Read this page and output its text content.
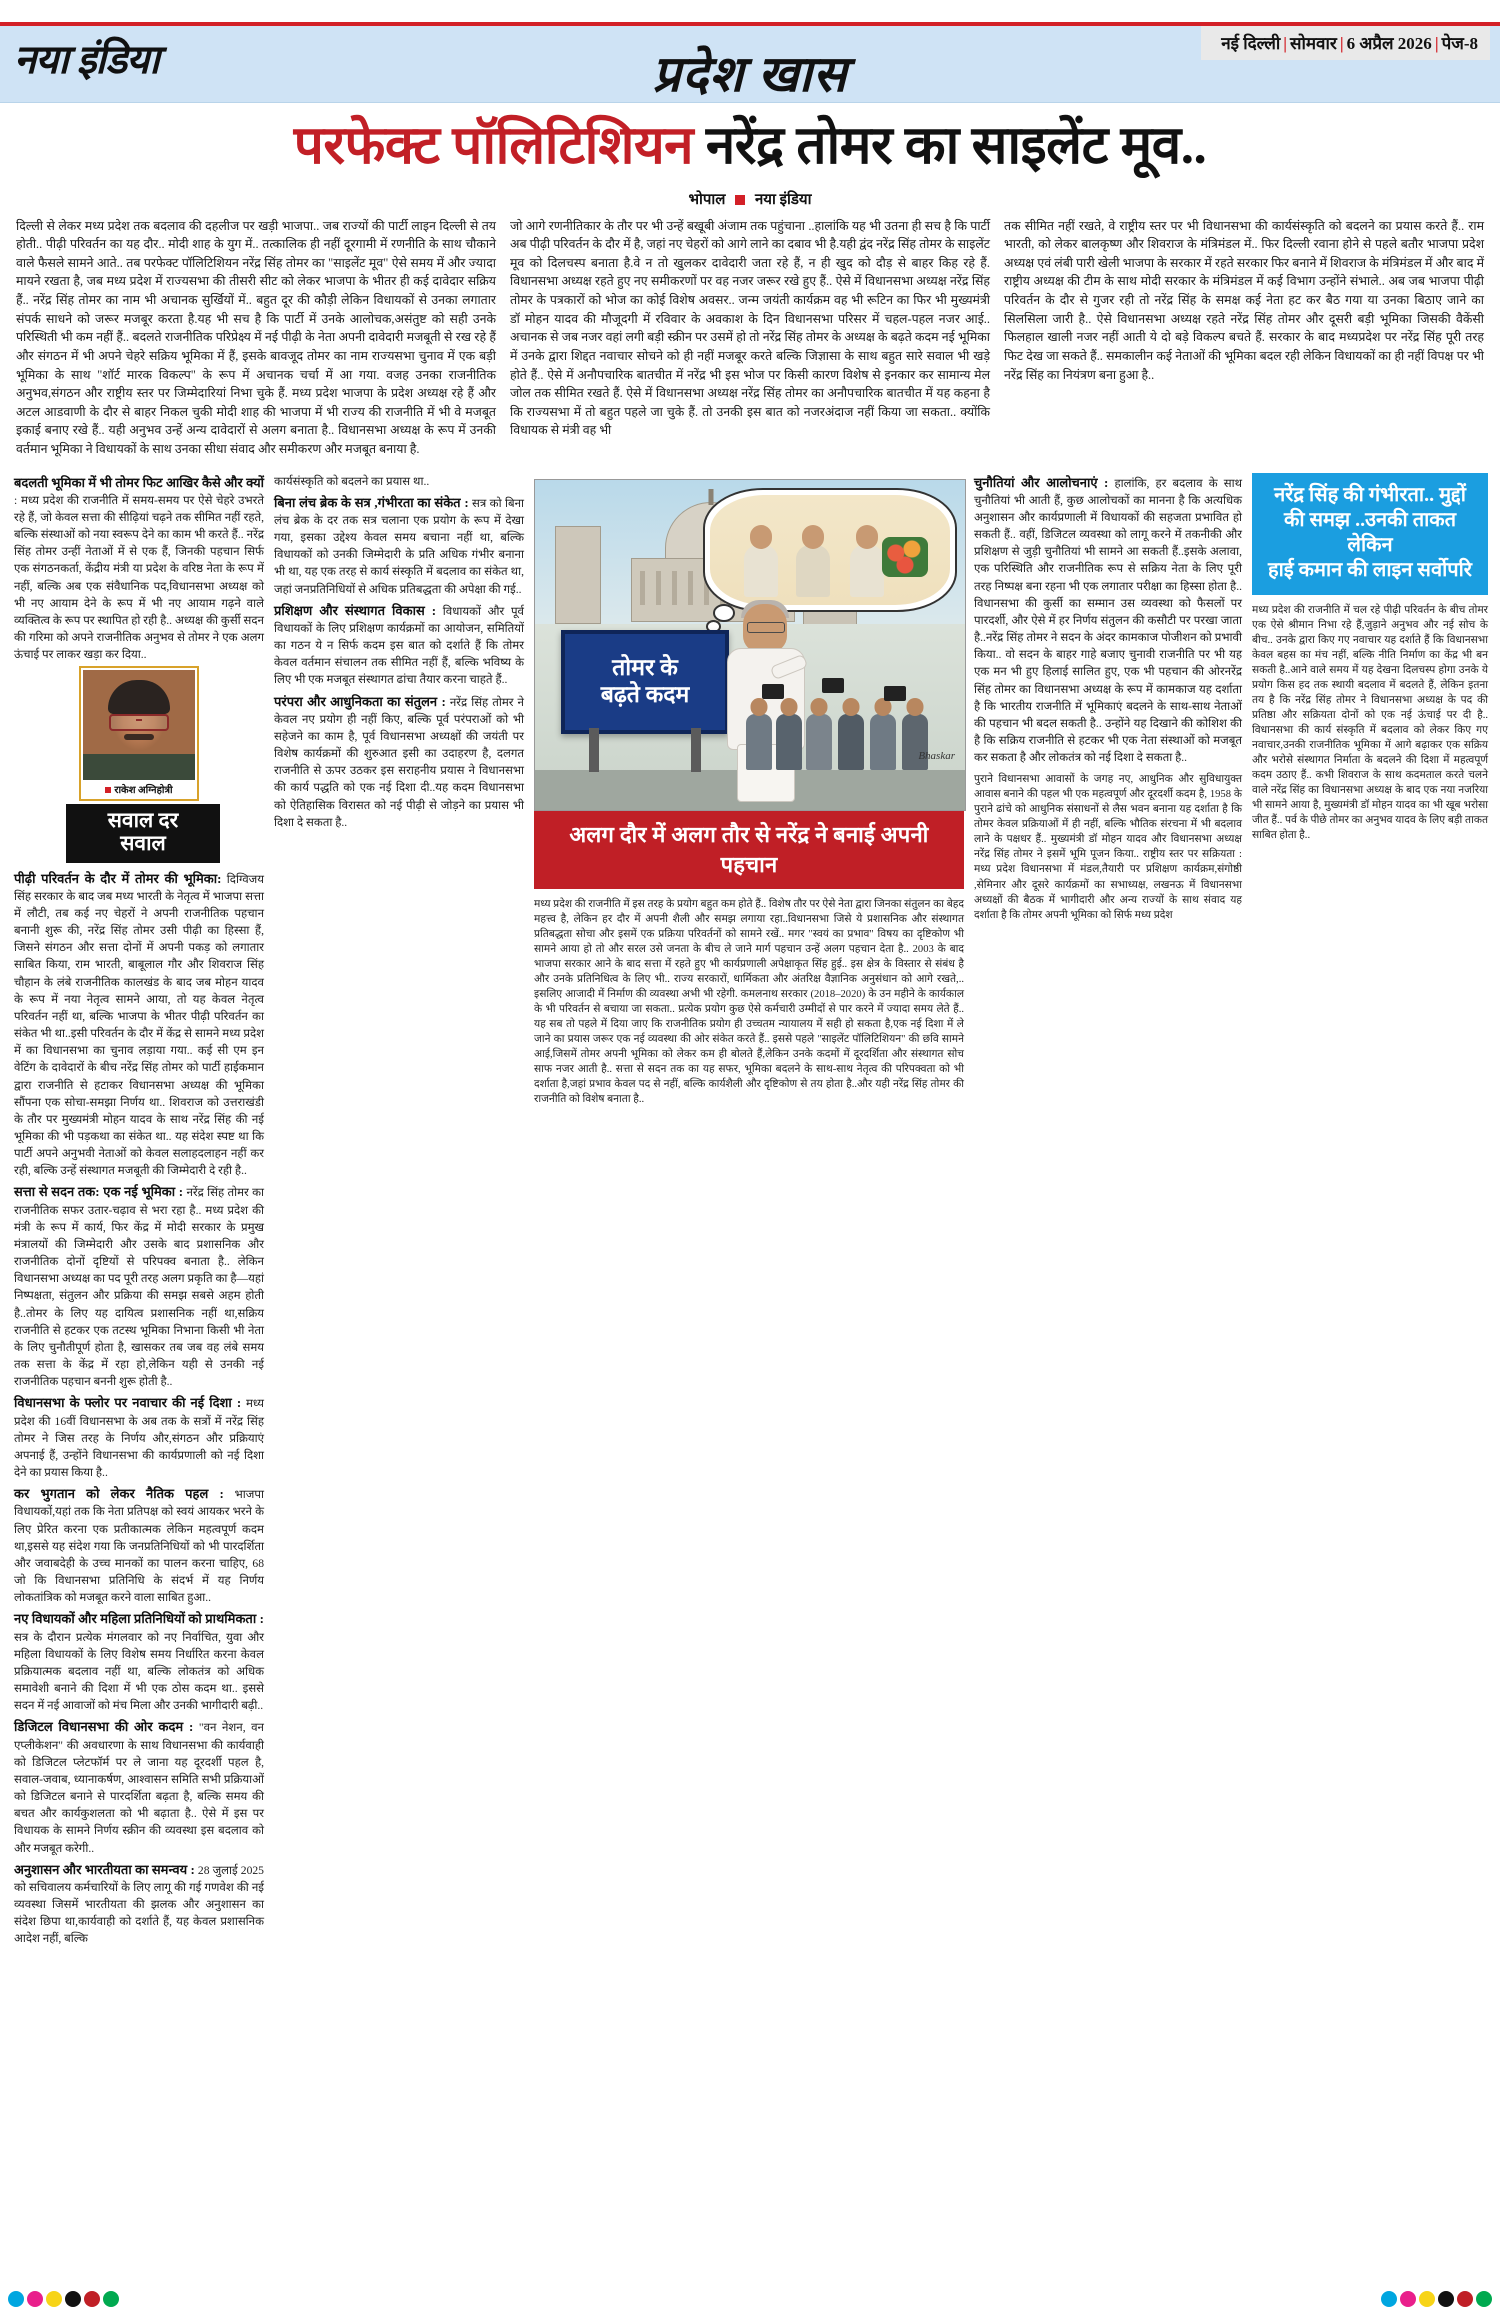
नया इंडिया	प्रदेश खास
नई दिल्ली | सोमवार | 6 अप्रैल 2026 | पेज-8
परफेक्ट पॉलिटिशियन नरेंद्र तोमर का साइलेंट मूव..
भोपाल नया इंडिया

दिल्ली से लेकर मध्य प्रदेश तक बदलाव की दहलीज पर खड़ी भाजपा.. जब राज्यों की पार्टी लाइन दिल्ली से तय होती.. पीढ़ी परिवर्तन का यह दौर.. मोदी शाह के युग में.. तत्कालिक ही नहीं दूरगामी में रणनीति के साथ चौकाने वाले फैसले सामने आते.. तब परफेक्ट पॉलिटिशियन नरेंद्र सिंह तोमर का "साइलेंट मूव" ऐसे समय में और ज्यादा मायने रखता है, जब मध्य प्रदेश में राज्यसभा की तीसरी सीट को लेकर भाजपा के भीतर ही कई दावेदार सक्रिय हैं.. नरेंद्र सिंह तोमर का नाम भी अचानक सुर्खियों में.. बहुत दूर की कौड़ी लेकिन विधायकों से उनका लगातार संपर्क साधने को जरूर मजबूर करता है.यह भी सच है कि पार्टी में उनके आलोचक,असंतुष्ट को सही उनके परिस्थिती भी कम नहीं हैं.. बदलते राजनीतिक परिप्रेक्ष्य में नई पीढ़ी के नेता अपनी दावेदारी मजबूती से रख रहे हैं और संगठन में भी अपने चेहरे सक्रिय भूमिका में हैं, इसके बावजूद तोमर का नाम राज्यसभा चुनाव में एक बड़ी भूमिका के साथ "शॉर्ट मारक विकल्प" के रूप में अचानक चर्चा में आ गया. वजह उनका राजनीतिक अनुभव,संगठन और राष्ट्रीय स्तर पर जिम्मेदारियां निभा चुके हैं. मध्य प्रदेश भाजपा के प्रदेश अध्यक्ष रहे हैं और अटल आडवाणी के दौर से बाहर निकल चुकी मोदी शाह की भाजपा में भी राज्य की राजनीति में भी वे मजबूत इकाई बनाए रखे हैं.. यही अनुभव उन्हें अन्य दावेदारों से अलग बनाता है.. विधानसभा अध्यक्ष के रूप में उनकी वर्तमान भूमिका ने विधायकों के साथ उनका सीधा संवाद और समीकरण और मजबूत बनाया है.

जो आगे रणनीतिकार के तौर पर भी उन्हें बखूबी अंजाम तक पहुंचाना ..हालांकि यह भी उतना ही सच है कि पार्टी अब पीढ़ी परिवर्तन के दौर में है, जहां नए चेहरों को आगे लाने का दबाव भी है.यही द्वंद नरेंद्र सिंह तोमर के साइलेंट मूव को दिलचस्प बनाता है.वे न तो खुलकर दावेदारी जता रहे हैं, न ही खुद को दौड़ से बाहर किह रहे हैं. विधानसभा अध्यक्ष रहते हुए नए समीकरणों पर वह नजर जरूर रखे हुए हैं.. ऐसे में विधानसभा अध्यक्ष नरेंद्र सिंह तोमर के पत्रकारों को भोज का कोई विशेष अवसर.. जन्म जयंती कार्यक्रम वह भी रूटिन का फिर भी मुख्यमंत्री डॉ मोहन यादव की मौजूदगी में रविवार के अवकाश के दिन विधानसभा परिसर में चहल-पहल नजर आई.. अचानक से जब नजर वहां लगी बड़ी स्क्रीन पर उसमें हो तो नरेंद्र सिंह तोमर के अध्यक्ष के बढ़ते कदम नई भूमिका में उनके द्वारा शिद्दत नवाचार सोचने को ही नहीं मजबूर करते बल्कि जिज्ञासा के साथ बहुत सारे सवाल भी खड़े होते हैं.. ऐसे में अनौपचारिक बातचीत में नरेंद्र भी इस भोज पर किसी कारण विशेष से इनकार कर सामान्य मेल जोल तक सीमित रखते हैं. ऐसे में विधानसभा अध्यक्ष नरेंद्र सिंह तोमर का अनौपचारिक बातचीत में यह कहना है कि राज्यसभा में तो बहुत पहले जा चुके हैं. तो उनकी इस बात को नजरअंदाज नहीं किया जा सकता.. क्योंकि विधायक से मंत्री वह भी

तक सीमित नहीं रखते, वे राष्ट्रीय स्तर पर भी विधानसभा की कार्यसंस्कृति को बदलने का प्रयास करते हैं.. राम भारती, को लेकर बालकृष्ण और शिवराज के मंत्रिमंडल में.. फिर दिल्ली रवाना होने से पहले बतौर भाजपा प्रदेश अध्यक्ष एवं लंबी पारी खेली भाजपा के सरकार में रहते सरकार फिर बनाने में शिवराज के मंत्रिमंडल में और बाद में राष्ट्रीय अध्यक्ष की टीम के साथ मोदी सरकार के मंत्रिमंडल में कई विभाग उन्होंने संभाले.. अब जब भाजपा पीढ़ी परिवर्तन के दौर से गुजर रही तो नरेंद्र सिंह के समक्ष कई नेता हट कर बैठ गया या उनका बिठाए जाने का सिलसिला जारी है.. ऐसे विधानसभा अध्यक्ष रहते नरेंद्र सिंह तोमर और दूसरी बड़ी भूमिका जिसकी वैकेंसी फिलहाल खाली नजर नहीं आती ये दो बड़े विकल्प बचते हैं. सरकार के बाद मध्यप्रदेश पर नरेंद्र सिंह पूरी तरह फिट देख जा सकते हैं.. समकालीन कई नेताओं की भूमिका बदल रही लेकिन विधायकों का ही नहीं विपक्ष पर भी नरेंद्र सिंह का नियंत्रण बना हुआ है..

बदलती भूमिका में भी तोमर फिट आखिर कैसे और क्यों : मध्य प्रदेश की राजनीति में समय-समय पर ऐसे चेहरे उभरते रहे हैं, जो केवल सत्ता की सीढ़ियां चढ़ने तक सीमित नहीं रहते, बल्कि संस्थाओं को नया स्वरूप देने का काम भी करते हैं.. नरेंद्र सिंह तोमर उन्हीं नेताओं में से एक हैं, जिनकी पहचान सिर्फ एक संगठनकर्ता, केंद्रीय मंत्री या प्रदेश के वरिष्ठ नेता के रूप में नहीं, बल्कि अब एक संवैधानिक पद,विधानसभा अध्यक्ष को भी नए आयाम देने के रूप में भी नए आयाम गढ़ने वाले व्यक्तित्व के रूप पर स्थापित हो रही है.. अध्यक्ष की कुर्सी सदन की गरिमा को अपने राजनीतिक अनुभव से तोमर ने एक अलग ऊंचाई पर लाकर खड़ा कर दिया..

राकेश अग्निहोत्री
सवाल दर
सवाल

पीढ़ी परिवर्तन के दौर में तोमर की भूमिका: दिग्विजय सिंह सरकार के बाद जब मध्य भारती के नेतृत्व में भाजपा सत्ता में लौटी, तब कई नए चेहरों ने अपनी राजनीतिक पहचान बनानी शुरू की, नरेंद्र सिंह तोमर उसी पीढ़ी का हिस्सा हैं, जिसने संगठन और सत्ता दोनों में अपनी पकड़ को लगातार साबित किया, राम भारती, बाबूलाल गौर और शिवराज सिंह चौहान के लंबे राजनीतिक कालखंड के बाद जब मोहन यादव के रूप में नया नेतृत्व सामने आया, तो यह केवल नेतृत्व परिवर्तन नहीं था, बल्कि भाजपा के भीतर पीढ़ी परिवर्तन का संकेत भी था..इसी परिवर्तन के दौर में केंद्र से सामने मध्य प्रदेश में का विधानसभा का चुनाव लड़ाया गया.. कई सी एम इन वेटिंग के दावेदारों के बीच नरेंद्र सिंह तोमर को पार्टी हाईकमान द्वारा राजनीति से हटाकर विधानसभा अध्यक्ष की भूमिका सौंपना एक सोचा-समझा निर्णय था.. शिवराज को उत्तराखंडी के तौर पर मुख्यमंत्री मोहन यादव के साथ नरेंद्र सिंह की नई भूमिका की भी पड़कथा का संकेत था.. यह संदेश स्पष्ट था कि पार्टी अपने अनुभवी नेताओं को केवल सलाहदलाहन नहीं कर रही, बल्कि उन्हें संस्थागत मजबूती की जिम्मेदारी दे रही है..

सत्ता से सदन तक: एक नई भूमिका : नरेंद्र सिंह तोमर का राजनीतिक सफर उतार-चढ़ाव से भरा रहा है.. मध्य प्रदेश की मंत्री के रूप में कार्य, फिर केंद्र में मोदी सरकार के प्रमुख मंत्रालयों की जिम्मेदारी और उसके बाद प्रशासनिक और राजनीतिक दोनों दृष्टियों से परिपक्व बनाता है.. लेकिन विधानसभा अध्यक्ष का पद पूरी तरह अलग प्रकृति का है—यहां निष्पक्षता, संतुलन और प्रक्रिया की समझ सबसे अहम होती है..तोमर के लिए यह दायित्व प्रशासनिक नहीं था,सक्रिय राजनीति से हटकर एक तटस्थ भूमिका निभाना किसी भी नेता के लिए चुनौतीपूर्ण होता है, खासकर तब जब वह लंबे समय तक सत्ता के केंद्र में रहा हो,लेकिन यही से उनकी नई राजनीतिक पहचान बननी शुरू होती है..

विधानसभा के फ्लोर पर नवाचार की नई दिशा : मध्य प्रदेश की 16वीं विधानसभा के अब तक के सत्रों में नरेंद्र सिंह तोमर ने जिस तरह के निर्णय और,संगठन और प्रक्रियाएं अपनाई हैं, उन्होंने विधानसभा की कार्यप्रणाली को नई दिशा देने का प्रयास किया है..

कर भुगतान को लेकर नैतिक पहल : भाजपा विधायकों,यहां तक कि नेता प्रतिपक्ष को स्वयं आयकर भरने के लिए प्रेरित करना एक प्रतीकात्मक लेकिन महत्वपूर्ण कदम था,इससे यह संदेश गया कि जनप्रतिनिधियों को भी पारदर्शिता और जवाबदेही के उच्च मानकों का पालन करना चाहिए, 68 जो कि विधानसभा प्रतिनिधि के संदर्भ में यह निर्णय लोकतांत्रिक को मजबूत करने वाला साबित हुआ..

नए विधायकों और महिला प्रतिनिधियों को प्राथमिकता : सत्र के दौरान प्रत्येक मंगलवार को नए निर्वाचित, युवा और महिला विधायकों के लिए विशेष समय निर्धारित करना केवल प्रक्रियात्मक बदलाव नहीं था, बल्कि लोकतंत्र को अधिक समावेशी बनाने की दिशा में भी एक ठोस कदम था.. इससे सदन में नई आवाजों को मंच मिला और उनकी भागीदारी बढ़ी..

डिजिटल विधानसभा की ओर कदम : "वन नेशन, वन एप्लीकेशन" की अवधारणा के साथ विधानसभा की कार्यवाही को डिजिटल प्लेटफॉर्म पर ले जाना यह दूरदर्शी पहल है, सवाल-जवाब, ध्यानाकर्षण, आश्वासन समिति सभी प्रक्रियाओं को डिजिटल बनाने से पारदर्शिता बढ़ता है, बल्कि समय की बचत और कार्यकुशलता को भी बढ़ाता है.. ऐसे में इस पर विधायक के सामने निर्णय स्क्रीन की व्यवस्था इस बदलाव को और मजबूत करेगी..

अनुशासन और भारतीयता का समन्वय : 28 जुलाई 2025 को सचिवालय कर्मचारियों के लिए लागू की गई गणवेश की नई व्यवस्था जिसमें भारतीयता की झलक और अनुशासन का संदेश छिपा था,कार्यवाही को दर्शाते हैं, यह केवल प्रशासनिक आदेश नहीं, बल्कि

कार्यसंस्कृति को बदलने का प्रयास था..

बिना लंच ब्रेक के सत्र ,गंभीरता का संकेत : सत्र को बिना लंच ब्रेक के दर तक सत्र चलाना एक प्रयोग के रूप में देखा गया, इसका उद्देश्य केवल समय बचाना नहीं था, बल्कि विधायकों को उनकी जिम्मेदारी के प्रति अधिक गंभीर बनाना भी था, यह एक तरह से कार्य संस्कृति में बदलाव का संकेत था, जहां जनप्रतिनिधियों से अधिक प्रतिबद्धता की अपेक्षा की गई..

प्रशिक्षण और संस्थागत विकास : विधायकों और पूर्व विधायकों के लिए प्रशिक्षण कार्यक्रमों का आयोजन, समितियों का गठन ये न सिर्फ कदम इस बात को दर्शाते हैं कि तोमर केवल वर्तमान संचालन तक सीमित नहीं हैं, बल्कि भविष्य के लिए भी एक मजबूत संस्थागत ढांचा तैयार करना चाहते हैं..

परंपरा और आधुनिकता का संतुलन : नरेंद्र सिंह तोमर ने केवल नए प्रयोग ही नहीं किए, बल्कि पूर्व परंपराओं को भी सहेजने का काम है, पूर्व विधानसभा अध्यक्षों की जयंती पर विशेष कार्यक्रमों की शुरुआत इसी का उदाहरण है, दलगत राजनीति से ऊपर उठकर इस सराहनीय प्रयास ने विधानसभा की कार्य पद्धति को एक नई दिशा दी..यह कदम विधानसभा को ऐतिहासिक विरासत को नई पीढ़ी से जोड़ने का प्रयास भी दिशा दे सकता है..

तोमर के
बढ़ते कदम
Bhaskar
अलग दौर में अलग तौर से नरेंद्र ने बनाई अपनी पहचान

मध्य प्रदेश की राजनीति में इस तरह के प्रयोग बहुत कम होते हैं.. विशेष तौर पर ऐसे नेता द्वारा जिनका संतुलन का बेहद महत्त्व है, लेकिन हर दौर में अपनी शैली और समझ लगाया रहा..विधानसभा जिसे ये प्रशासनिक और संस्थागत प्रतिबद्धता सोचा और इसमें एक प्रक्रिया परिवर्तनों को सामने रखें.. मगर "स्वयं का प्रभाव" विषय का दृष्टिकोण भी सामने आया हो तो और सरल उसे जनता के बीच ले जाने मार्ग पहचान उन्हें अलग पहचान देता है.. 2003 के बाद भाजपा सरकार आने के बाद सत्ता में रहते हुए भी कार्यप्रणाली अपेक्षाकृत सिंह हुई.. इस क्षेत्र के विस्तार से संबंध है और उनके प्रतिनिधित्व के लिए भी.. राज्य सरकारों, धार्मिकता और अंतरिक्ष वैज्ञानिक अनुसंधान को आगे रखते,.. इसलिए आजादी में निर्माण की व्यवस्था अभी भी रहेगी. कमलनाथ सरकार (2018–2020) के उन महीने के कार्यकाल के भी परिवर्तन से बचाया जा सकता.. प्रत्येक प्रयोग कुछ ऐसे कर्मचारी उम्मीदों से पार करने में ज्यादा समय लेते हैं.. यह सब तो पहले में दिया जाए कि राजनीतिक प्रयोग ही उच्चतम न्यायालय में सही हो सकता है,एक नई दिशा में ले जाने का प्रयास जरूर एक नई व्यवस्था की ओर संकेत करते हैं.. इससे पहले "साइलेंट पॉलिटिशियन" की छवि सामने आई,जिसमें तोमर अपनी भूमिका को लेकर कम ही बोलते हैं,लेकिन उनके कदमों में दूरदर्शिता और संस्थागत सोच साफ नजर आती है.. सत्ता से सदन तक का यह सफर, भूमिका बदलने के साथ-साथ नेतृत्व की परिपक्वता को भी दर्शाता है,जहां प्रभाव केवल पद से नहीं, बल्कि कार्यशैली और दृष्टिकोण से तय होता है..और यही नरेंद्र सिंह तोमर की राजनीति को विशेष बनाता है..

चुनौतियां और आलोचनाएं : हालांकि, हर बदलाव के साथ चुनौतियां भी आती हैं, कुछ आलोचकों का मानना है कि अत्यधिक अनुशासन और कार्यप्रणाली में विधायकों की सहजता प्रभावित हो सकती हैं.. वहीं, डिजिटल व्यवस्था को लागू करने में तकनीकी और प्रशिक्षण से जुड़ी चुनौतियां भी सामने आ सकती हैं..इसके अलावा, एक परिस्थिति और राजनीतिक रूप से सक्रिय नेता के लिए पूरी तरह निष्पक्ष बना रहना भी एक लगातार परीक्षा का हिस्सा होता है.. विधानसभा की कुर्सी का सम्मान उस व्यवस्था को फैसलों पर पारदर्शी, और ऐसे में हर निर्णय संतुलन की कसौटी पर परखा जाता है..नरेंद्र सिंह तोमर ने सदन के अंदर कामकाज पोजीशन को प्रभावी किया.. वो सदन के बाहर गाहे बजाए चुनावी राजनीति पर भी यह एक मन भी हुए हिलाई सालित हुए, एक भी पहचान की ओरनरेंद्र सिंह तोमर का विधानसभा अध्यक्ष के रूप में कामकाज यह दर्शाता है कि भारतीय राजनीति में भूमिकाएं बदलने के साथ-साथ नेताओं की पहचान भी बदल सकती है.. उन्होंने यह दिखाने की कोशिश की है कि सक्रिय राजनीति से हटकर भी एक नेता संस्थाओं को मजबूत कर सकता है और लोकतंत्र को नई दिशा दे सकता है..

पुराने विधानसभा आवासों के जगह नए, आधुनिक और सुविधायुक्त आवास बनाने की पहल भी एक महत्वपूर्ण और दूरदर्शी कदम है, 1958 के पुराने ढांचे को आधुनिक संसाधनों से लैस भवन बनाना यह दर्शाता है कि तोमर केवल प्रक्रियाओं में ही नहीं, बल्कि भौतिक संरचना में भी बदलाव लाने के पक्षधर हैं.. मुख्यमंत्री डॉ मोहन यादव और विधानसभा अध्यक्ष नरेंद्र सिंह तोमर ने इसमें भूमि पूजन किया.. राष्ट्रीय स्तर पर सक्रियता : मध्य प्रदेश विधानसभा में मंडल,तैयारी पर प्रशिक्षण कार्यक्रम,संगोष्ठी ,सेमिनार और दूसरे कार्यक्रमों का सभाध्यक्ष, लखनऊ में विधानसभा अध्यक्षों की बैठक में भागीदारी और अन्य राज्यों के साथ संवाद यह दर्शाता है कि तोमर अपनी भूमिका को सिर्फ मध्य प्रदेश

नरेंद्र सिंह की गंभीरता.. मुद्दों
की समझ ..उनकी ताकत लेकिन
हाई कमान की लाइन सर्वोपरि

मध्य प्रदेश की राजनीति में चल रहे पीढ़ी परिवर्तन के बीच तोमर एक ऐसे श्रीमान निभा रहे हैं,जुड़ाने अनुभव और नई सोच के बीच.. उनके द्वारा किए गए नवाचार यह दर्शाते हैं कि विधानसभा केवल बहस का मंच नहीं, बल्कि नीति निर्माण का केंद्र भी बन सकती है..आने वाले समय में यह देखना दिलचस्प होगा उनके ये प्रयोग किस हद तक स्थायी बदलाव में बदलते हैं, लेकिन इतना तय है कि नरेंद्र सिंह तोमर ने विधानसभा अध्यक्ष के पद की प्रतिष्ठा और सक्रियता दोनों को एक नई ऊंचाई पर दी है.. विधानसभा की कार्य संस्कृति में बदलाव को लेकर किए गए नवाचार,उनकी राजनीतिक भूमिका में आगे बढ़ाकर एक सक्रिय और भरोसे संस्थागत निर्माता के बदलने की दिशा में महत्वपूर्ण कदम उठाए हैं.. कभी शिवराज के साथ कदमताल करते चलने वाले नरेंद्र सिंह का विधानसभा अध्यक्ष के बाद एक नया नजरिया भी सामने आया है, मुख्यमंत्री डॉ मोहन यादव का भी खूब भरोसा जीत हैं.. पर्व के पीछे तोमर का अनुभव यादव के लिए बड़ी ताकत साबित होता है..
